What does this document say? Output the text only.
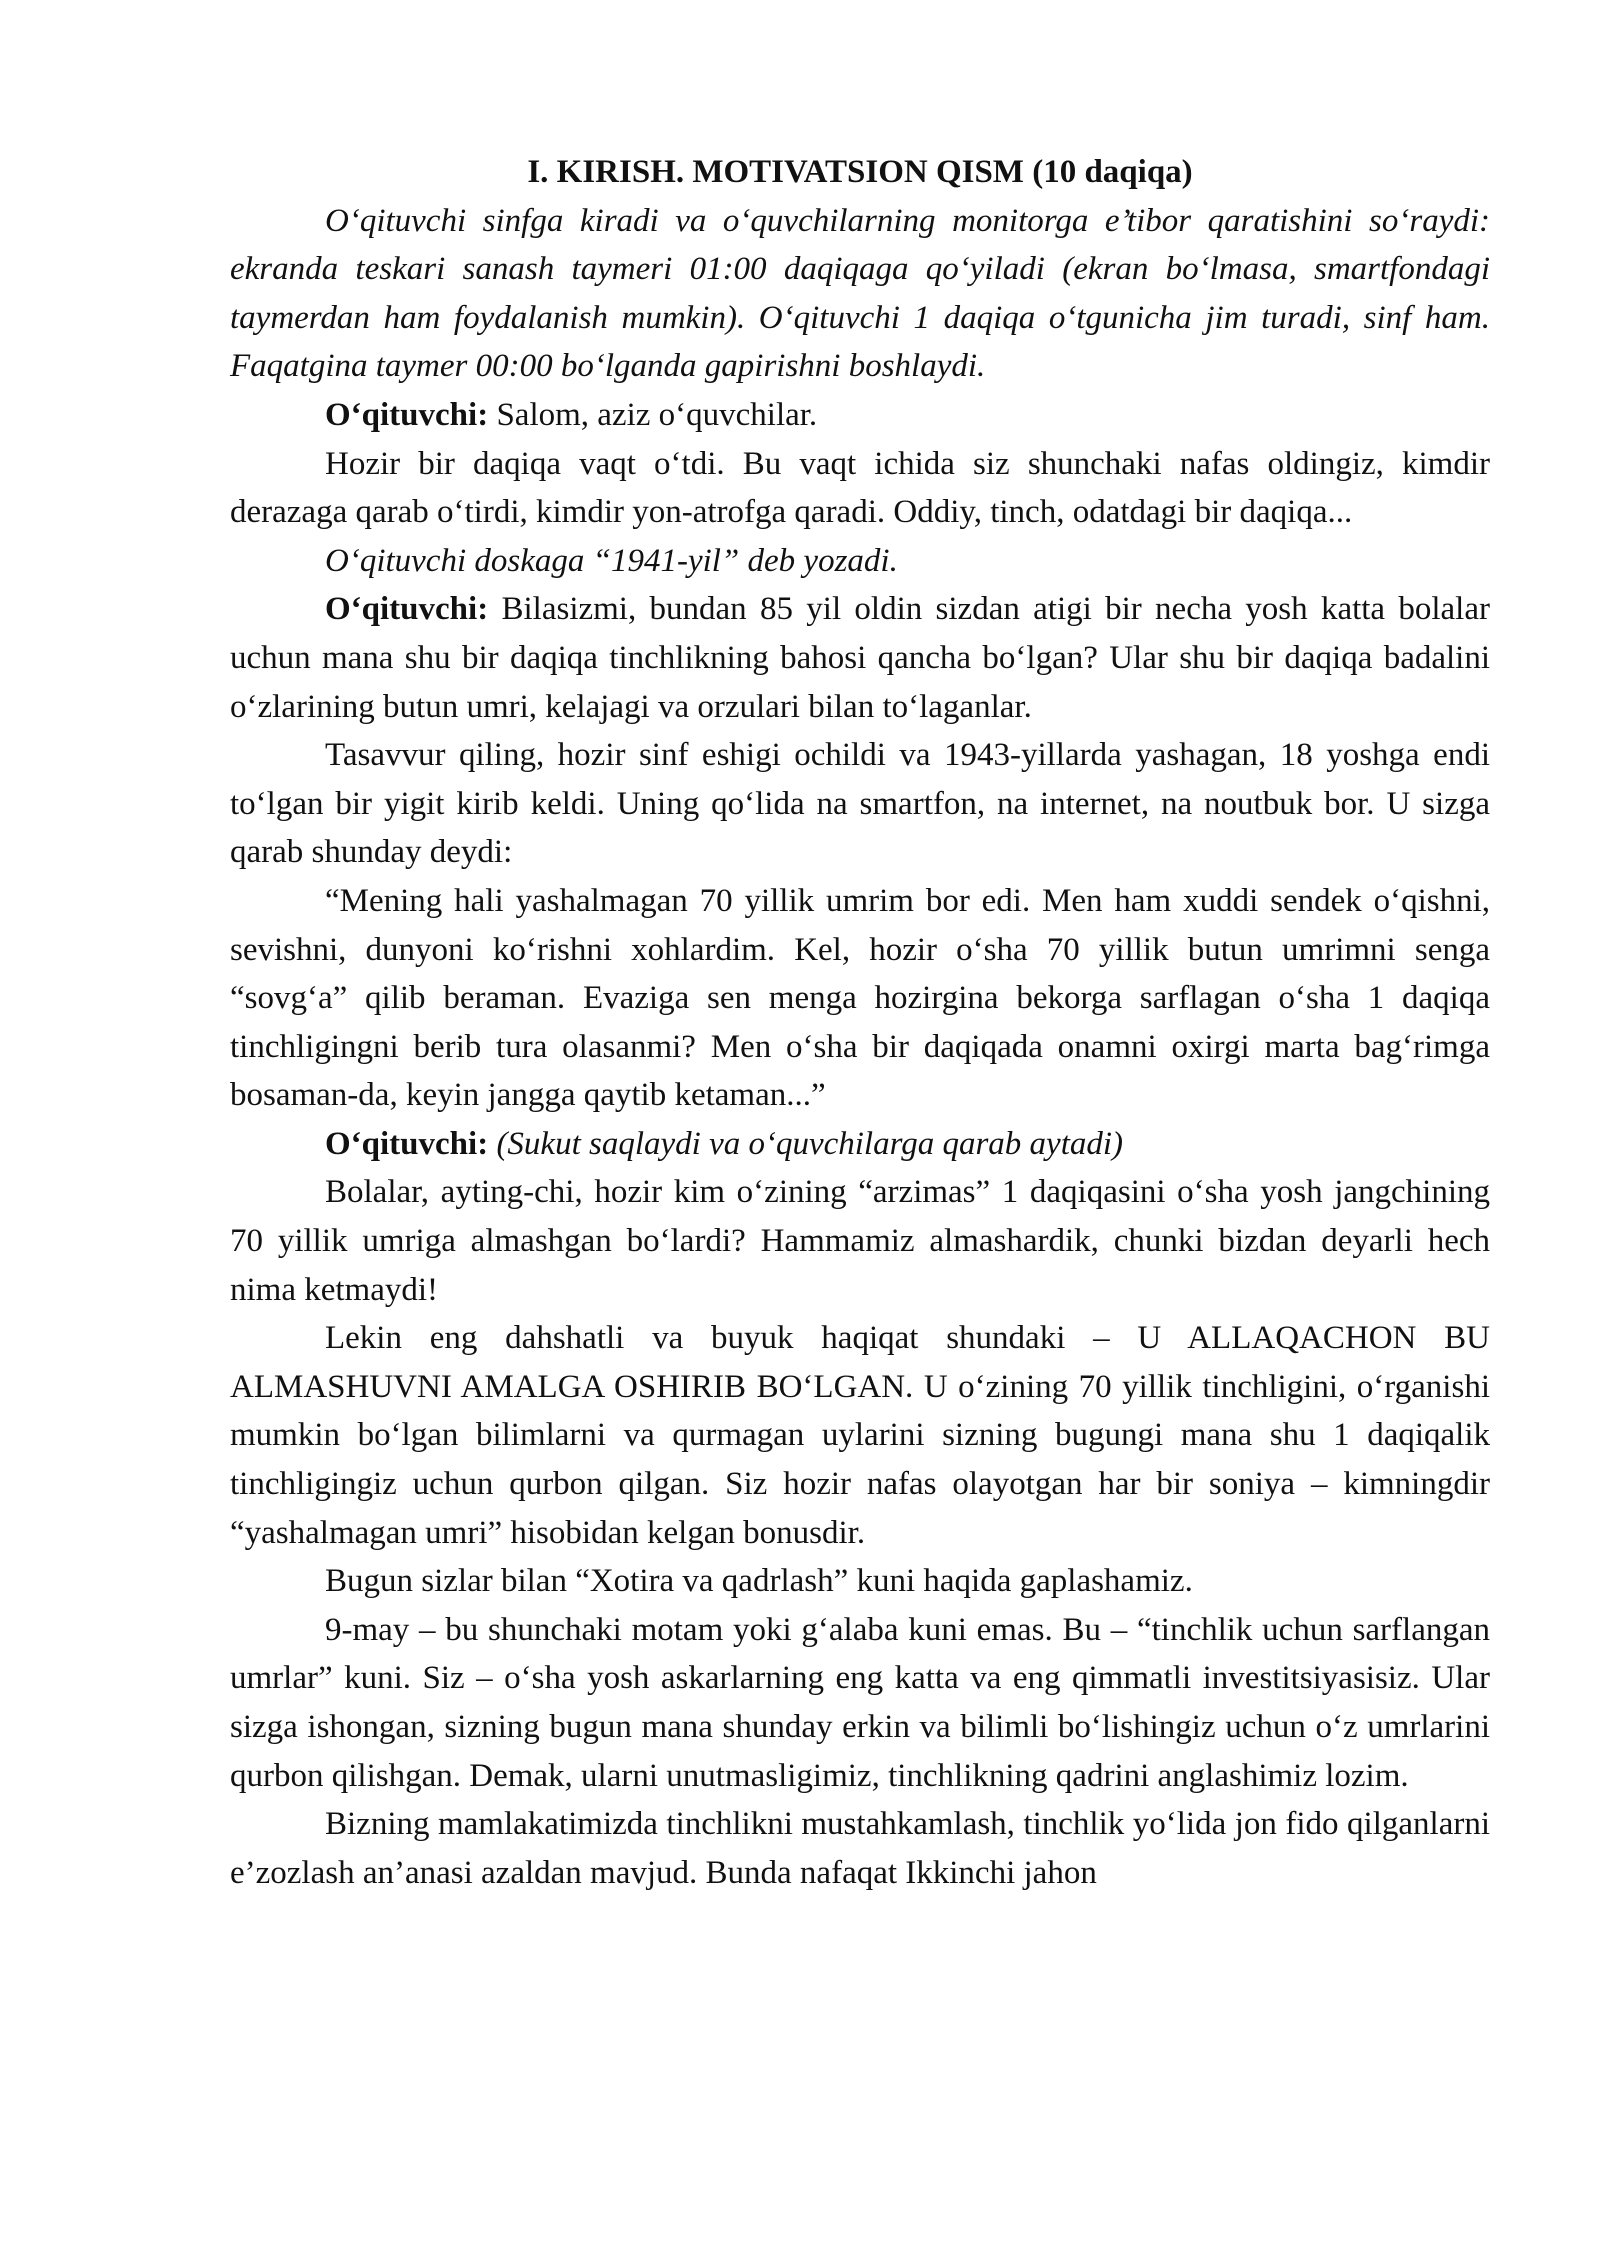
I. KIRISH. MOTIVATSION QISM (10 daqiqa)

O‘qituvchi sinfga kiradi va o‘quvchilarning monitorga e’tibor qaratishini so‘raydi: ekranda teskari sanash taymeri 01:00 daqiqaga qo‘yiladi (ekran bo‘lmasa, smartfondagi taymerdan ham foydalanish mumkin). O‘qituvchi 1 daqiqa o‘tgunicha jim turadi, sinf ham. Faqatgina taymer 00:00 bo‘lganda gapirishni boshlaydi.

O‘qituvchi: Salom, aziz o‘quvchilar.

Hozir bir daqiqa vaqt o‘tdi. Bu vaqt ichida siz shunchaki nafas oldingiz, kimdir derazaga qarab o‘tirdi, kimdir yon-atrofga qaradi. Oddiy, tinch, odatdagi bir daqiqa...

O‘qituvchi doskaga “1941-yil” deb yozadi.

O‘qituvchi: Bilasizmi, bundan 85 yil oldin sizdan atigi bir necha yosh katta bolalar uchun mana shu bir daqiqa tinchlikning bahosi qancha bo‘lgan? Ular shu bir daqiqa badalini o‘zlarining butun umri, kelajagi va orzulari bilan to‘laganlar.

Tasavvur qiling, hozir sinf eshigi ochildi va 1943-yillarda yashagan, 18 yoshga endi to‘lgan bir yigit kirib keldi. Uning qo‘lida na smartfon, na internet, na noutbuk bor. U sizga qarab shunday deydi:

“Mening hali yashalmagan 70 yillik umrim bor edi. Men ham xuddi sendek o‘qishni, sevishni, dunyoni ko‘rishni xohlardim. Kel, hozir o‘sha 70 yillik butun umrimni senga “sovg‘a” qilib beraman. Evaziga sen menga hozirgina bekorga sarflagan o‘sha 1 daqiqa tinchligingni berib tura olasanmi? Men o‘sha bir daqiqada onamni oxirgi marta bag‘rimga bosaman-da, keyin jangga qaytib ketaman...”

O‘qituvchi: (Sukut saqlaydi va o‘quvchilarga qarab aytadi)

Bolalar, ayting-chi, hozir kim o‘zining “arzimas” 1 daqiqasini o‘sha yosh jangchining 70 yillik umriga almashgan bo‘lardi? Hammamiz almashardik, chunki bizdan deyarli hech nima ketmaydi!

Lekin eng dahshatli va buyuk haqiqat shundaki – U ALLAQACHON BU ALMASHUVNI AMALGA OSHIRIB BO‘LGAN. U o‘zining 70 yillik tinchligini, o‘rganishi mumkin bo‘lgan bilimlarni va qurmagan uylarini sizning bugungi mana shu 1 daqiqalik tinchligingiz uchun qurbon qilgan. Siz hozir nafas olayotgan har bir soniya – kimningdir “yashalmagan umri” hisobidan kelgan bonusdir.

Bugun sizlar bilan “Xotira va qadrlash” kuni haqida gaplashamiz.

9-may – bu shunchaki motam yoki g‘alaba kuni emas. Bu – “tinchlik uchun sarflangan umrlar” kuni. Siz – o‘sha yosh askarlarning eng katta va eng qimmatli investitsiyasisiz. Ular sizga ishongan, sizning bugun mana shunday erkin va bilimli bo‘lishingiz uchun o‘z umrlarini qurbon qilishgan. Demak, ularni unutmasligimiz, tinchlikning qadrini anglashimiz lozim.

Bizning mamlakatimizda tinchlikni mustahkamlash, tinchlik yo‘lida jon fido qilganlarni e’zozlash an’anasi azaldan mavjud. Bunda nafaqat Ikkinchi jahon
